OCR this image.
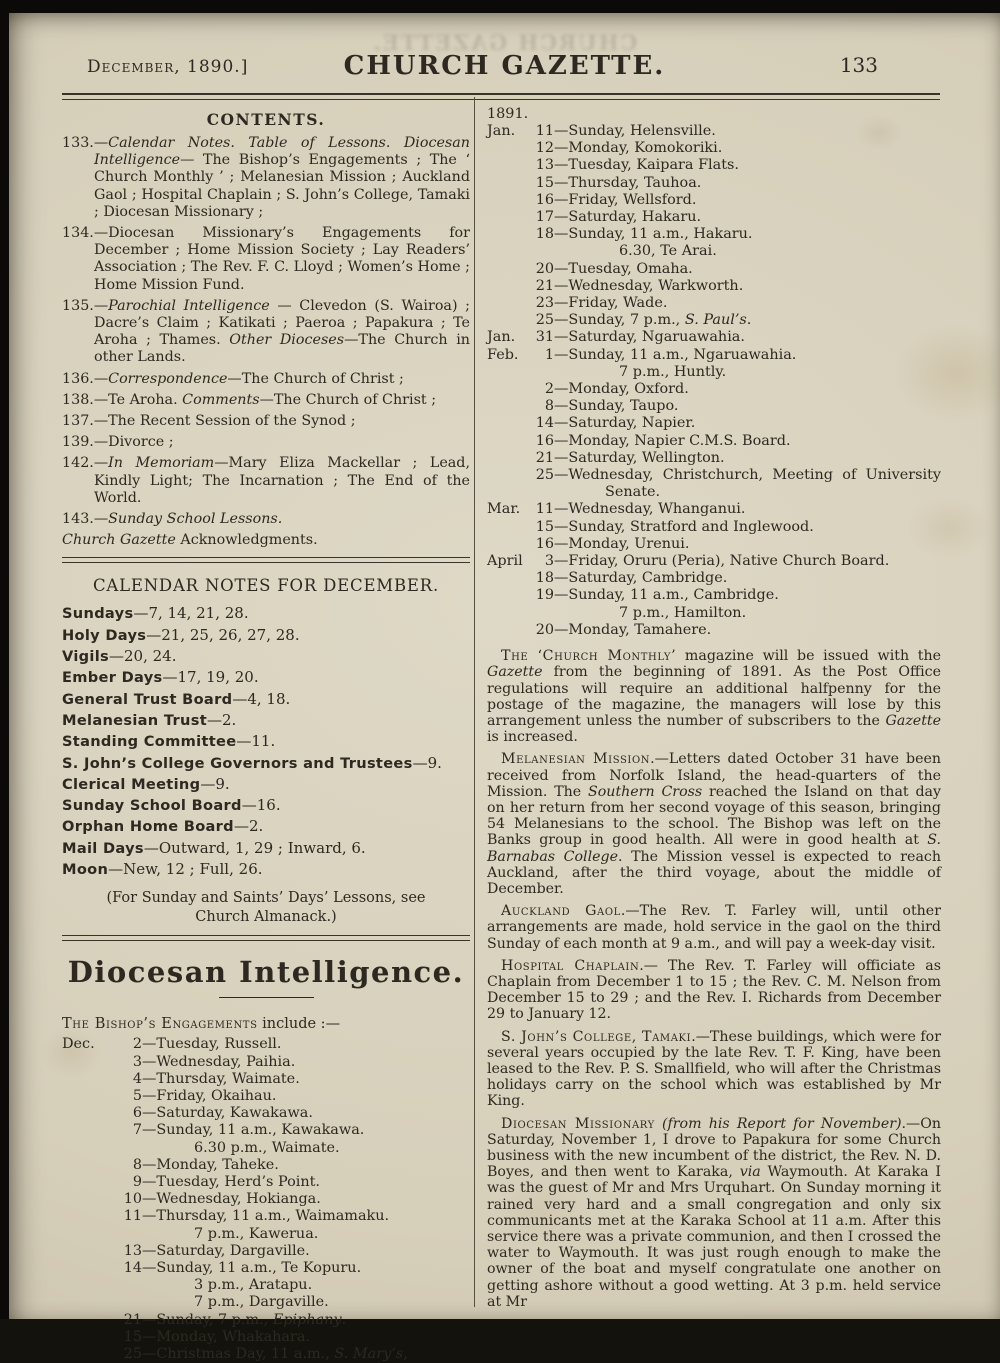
CHURCH GAZETTE.
December, 1890.]	CHURCH GAZETTE.	133
CONTENTS.
133.—Calendar Notes. Table of Lessons. Diocesan Intelligence— The Bishop’s Engagements ; The ‘ Church Monthly ’ ; Melanesian Mission ; Auckland Gaol ; Hospital Chaplain ; S. John’s College, Tamaki ; Diocesan Missionary ;
134.—Diocesan Missionary’s Engagements for December ; Home Mission Society ; Lay Readers’ Association ; The Rev. F. C. Lloyd ; Women’s Home ; Home Mission Fund.
135.—Parochial Intelligence — Clevedon (S. Wairoa) ; Dacre’s Claim ; Katikati ; Paeroa ; Papakura ; Te Aroha ; Thames. Other Dioceses—The Church in other Lands.
136.—Correspondence—The Church of Christ ;
138.—Te Aroha. Comments—The Church of Christ ;
137.—The Recent Session of the Synod ;
139.—Divorce ;
142.—In Memoriam—Mary Eliza Mackellar ; Lead, Kindly Light; The Incarnation ; The End of the World.
143.—Sunday School Lessons.
Church Gazette Acknowledgments.
CALENDAR NOTES FOR DECEMBER.
Sundays—7, 14, 21, 28.
Holy Days—21, 25, 26, 27, 28.
Vigils—20, 24.
Ember Days—17, 19, 20.
General Trust Board—4, 18.
Melanesian Trust—2.
Standing Committee—11.
S. John’s College Governors and Trustees—9.
Clerical Meeting—9.
Sunday School Board—16.
Orphan Home Board—2.
Mail Days—Outward, 1, 29 ; Inward, 6.
Moon—New, 12 ; Full, 26.

(For Sunday and Saints’ Days’ Lessons, see Church Almanack.)

Diocesan Intelligence.

The Bishop’s Engagements include :—

Dec.	2 —Tuesday, Russell.
3 —Wednesday, Paihia.
4 —Thursday, Waimate.
5 —Friday, Okaihau.
6 —Saturday, Kawakawa.
7 —Sunday, 11 a.m., Kawakawa.
6.30 p.m., Waimate.
8 —Monday, Taheke.
9 —Tuesday, Herd’s Point.
10 —Wednesday, Hokianga.
11 —Thursday, 11 a.m., Waimamaku.
7 p.m., Kawerua.
13 —Saturday, Dargaville.
14 —Sunday, 11 a.m., Te Kopuru.
3 p.m., Aratapu.
7 p.m., Dargaville.
21 —Sunday, 7 p.m., Epiphany.
15 —Monday, Whakahara.
25 —Christmas Day, 11 a.m., S. Mary’s,
1891.
Jan.	11 —Sunday, Helensville.
12 —Monday, Komokoriki.
13 —Tuesday, Kaipara Flats.
15 —Thursday, Tauhoa.
16 —Friday, Wellsford.
17 —Saturday, Hakaru.
18 —Sunday, 11 a.m., Hakaru.
6.30, Te Arai.
20 —Tuesday, Omaha.
21 —Wednesday, Warkworth.
23 —Friday, Wade.
25 —Sunday, 7 p.m., S. Paul’s.
Jan.	31 —Saturday, Ngaruawahia.
Feb.	1 —Sunday, 11 a.m., Ngaruawahia.
7 p.m., Huntly.
2 —Monday, Oxford.
8 —Sunday, Taupo.
14 —Saturday, Napier.
16 —Monday, Napier C.M.S. Board.
21 —Saturday, Wellington.
25 —Wednesday, Christchurch, Meeting of University
Senate.
Mar.	11 —Wednesday, Whanganui.
15 —Sunday, Stratford and Inglewood.
16 —Monday, Urenui.
April	3 —Friday, Oruru (Peria), Native Church Board.
18 —Saturday, Cambridge.
19 —Sunday, 11 a.m., Cambridge.
7 p.m., Hamilton.
20 —Monday, Tamahere.

The ‘Church Monthly’ magazine will be issued with the Gazette from the beginning of 1891. As the Post Office regulations will require an additional halfpenny for the postage of the magazine, the managers will lose by this arrangement unless the number of subscribers to the Gazette is increased.

Melanesian Mission.—Letters dated October 31 have been received from Norfolk Island, the head-quarters of the Mission. The Southern Cross reached the Island on that day on her return from her second voyage of this season, bringing 54 Melanesians to the school. The Bishop was left on the Banks group in good health. All were in good health at S. Barnabas College. The Mission vessel is expected to reach Auckland, after the third voyage, about the middle of December.

Auckland Gaol.—The Rev. T. Farley will, until other arrangements are made, hold service in the gaol on the third Sunday of each month at 9 a.m., and will pay a week-day visit.

Hospital Chaplain.— The Rev. T. Farley will officiate as Chaplain from December 1 to 15 ; the Rev. C. M. Nelson from December 15 to 29 ; and the Rev. I. Richards from December 29 to January 12.

S. John’s College, Tamaki.—These buildings, which were for several years occupied by the late Rev. T. F. King, have been leased to the Rev. P. S. Smallfield, who will after the Christmas holidays carry on the school which was established by Mr King.

Diocesan Missionary (from his Report for November).—On Saturday, November 1, I drove to Papakura for some Church business with the new incumbent of the district, the Rev. N. D. Boyes, and then went to Karaka, via Waymouth. At Karaka I was the guest of Mr and Mrs Urquhart. On Sunday morning it rained very hard and a small congregation and only six communicants met at the Karaka School at 11 a.m. After this service there was a private communion, and then I crossed the water to Waymouth. It was just rough enough to make the owner of the boat and myself congratulate one another on getting ashore without a good wetting. At 3 p.m. held service at Mr
